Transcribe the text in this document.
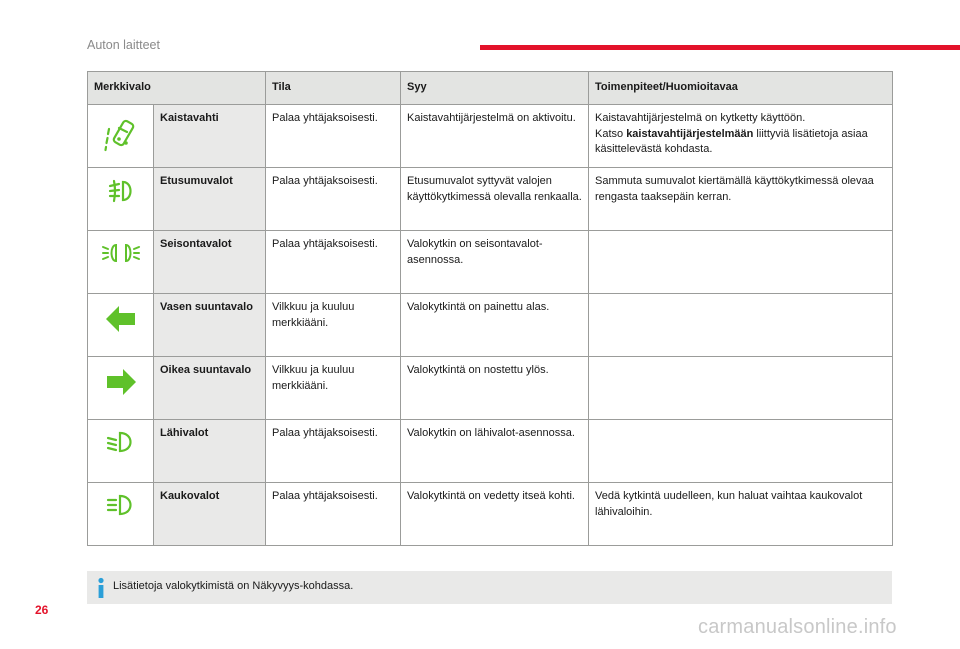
Auton laitteet
Merkkivalo		Tila	Syy	Toimenpiteet/Huomioitavaa
	Kaistavahti	Palaa yhtäjaksoisesti.	Kaistavahtijärjestelmä on aktivoitu.	Kaistavahtijärjestelmä on kytketty käyttöön.
Katso kaistavahtijärjestelmään liittyviä lisätietoja asiaa käsittelevästä kohdasta.

	Etusumuvalot	Palaa yhtäjaksoisesti.	Etusumuvalot syttyvät valojen käyttökytkimessä olevalla renkaalla.	Sammuta sumuvalot kiertämällä käyttökytkimessä olevaa rengasta taaksepäin kerran.
	Seisontavalot	Palaa yhtäjaksoisesti.	Valokytkin on seisontavalot-asennossa.	
	Vasen suuntavalo	Vilkkuu ja kuuluu merkkiääni.	Valokytkintä on painettu alas.	
	Oikea suuntavalo	Vilkkuu ja kuuluu merkkiääni.	Valokytkintä on nostettu ylös.	
	Lähivalot	Palaa yhtäjaksoisesti.	Valokytkin on lähivalot-asennossa.	
	Kaukovalot	Palaa yhtäjaksoisesti.	Valokytkintä on vedetty itseä kohti.	Vedä kytkintä uudelleen, kun haluat vaihtaa kaukovalot lähivaloihin.
Lisätietoja valokytkimistä on Näkyvyys-kohdassa.
26
carmanualsonline.info
